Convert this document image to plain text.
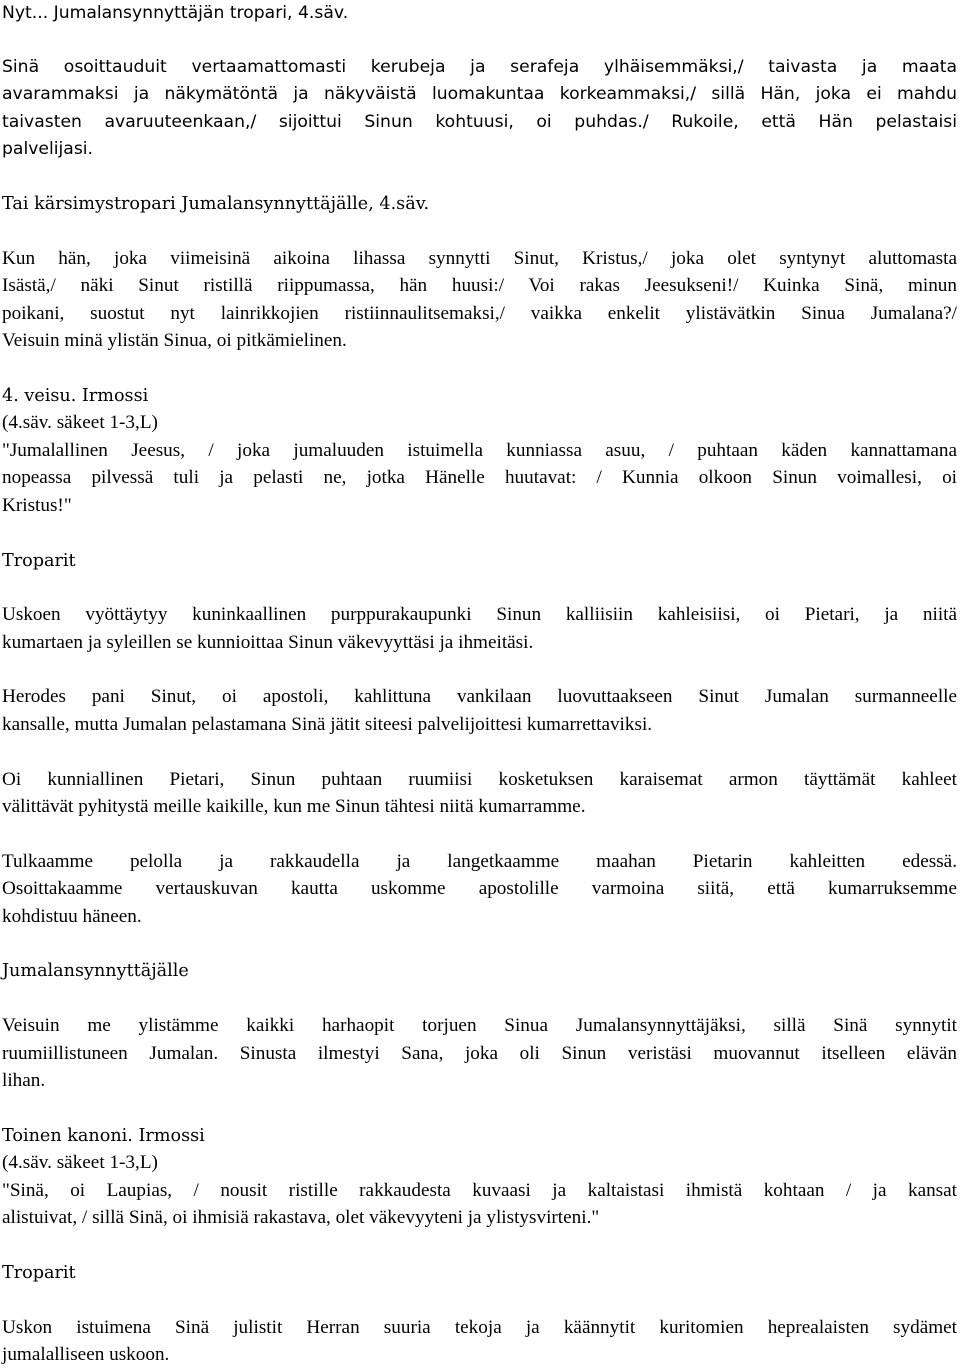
Nyt... Jumalansynnyttäjän tropari, 4.säv.
Sinä osoittauduit vertaamattomasti kerubeja ja serafeja ylhäisemmäksi,/ taivasta ja maata
avarammaksi ja näkymätöntä ja näkyväistä luomakuntaa korkeammaksi,/ sillä Hän, joka ei mahdu
taivasten avaruuteenkaan,/ sijoittui Sinun kohtuusi, oi puhdas./ Rukoile, että Hän pelastaisi
palvelijasi.
Tai kärsimystropari Jumalansynnyttäjälle, 4.säv.
Kun hän, joka viimeisinä aikoina lihassa synnytti Sinut, Kristus,/ joka olet syntynyt aluttomasta
Isästä,/ näki Sinut ristillä riippumassa, hän huusi:/ Voi rakas Jeesukseni!/ Kuinka Sinä, minun
poikani, suostut nyt lainrikkojien ristiinnaulitsemaksi,/ vaikka enkelit ylistävätkin Sinua Jumalana?/
Veisuin minä ylistän Sinua, oi pitkämielinen.
4. veisu. Irmossi
(4.säv. säkeet 1-3,L)
"Jumalallinen Jeesus, / joka jumaluuden istuimella kunniassa asuu, / puhtaan käden kannattamana
nopeassa pilvessä tuli ja pelasti ne, jotka Hänelle huutavat: / Kunnia olkoon Sinun voimallesi, oi
Kristus!"
Troparit
Uskoen vyöttäytyy kuninkaallinen purppurakaupunki Sinun kalliisiin kahleisiisi, oi Pietari, ja niitä
kumartaen ja syleillen se kunnioittaa Sinun väkevyyttäsi ja ihmeitäsi.
Herodes pani Sinut, oi apostoli, kahlittuna vankilaan luovuttaakseen Sinut Jumalan surmanneelle
kansalle, mutta Jumalan pelastamana Sinä jätit siteesi palvelijoittesi kumarrettaviksi.
Oi kunniallinen Pietari, Sinun puhtaan ruumiisi kosketuksen karaisemat armon täyttämät kahleet
välittävät pyhitystä meille kaikille, kun me Sinun tähtesi niitä kumarramme.
Tulkaamme pelolla ja rakkaudella ja langetkaamme maahan Pietarin kahleitten edessä.
Osoittakaamme vertauskuvan kautta uskomme apostolille varmoina siitä, että kumarruksemme
kohdistuu häneen.
Jumalansynnyttäjälle
Veisuin me ylistämme kaikki harhaopit torjuen Sinua Jumalansynnyttäjäksi, sillä Sinä synnytit
ruumiillistuneen Jumalan. Sinusta ilmestyi Sana, joka oli Sinun veristäsi muovannut itselleen elävän
lihan.
Toinen kanoni. Irmossi
(4.säv. säkeet 1-3,L)
"Sinä, oi Laupias, / nousit ristille rakkaudesta kuvaasi ja kaltaistasi ihmistä kohtaan / ja kansat
alistuivat, / sillä Sinä, oi ihmisiä rakastava, olet väkevyyteni ja ylistysvirteni."
Troparit
Uskon istuimena Sinä julistit Herran suuria tekoja ja käännytit kuritomien heprealaisten sydämet
jumalalliseen uskoon.
